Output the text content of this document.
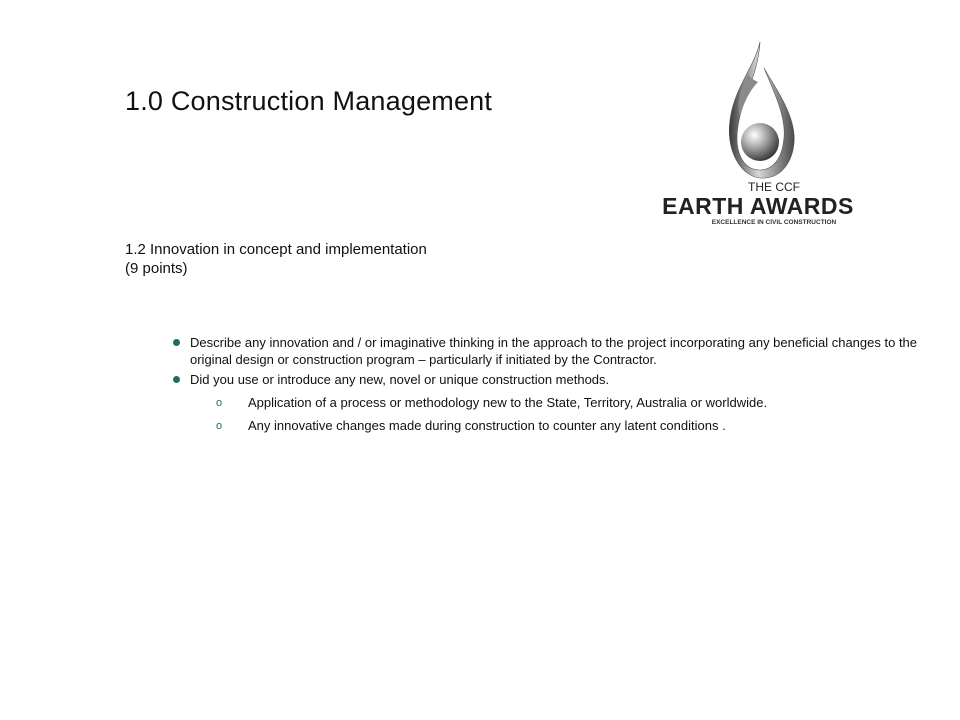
1.0 Construction Management
THE CCF
EARTH AWARDS
EXCELLENCE IN CIVIL CONSTRUCTION
1.2 Innovation in concept and implementation
(9 points)
Describe any innovation and / or imaginative thinking in the approach to the project incorporating any beneficial changes to the original design or construction program – particularly if initiated by the Contractor.
Did you use or introduce any new, novel or unique construction methods.
o Application of a process or methodology new to the State, Territory, Australia or worldwide.
o Any innovative changes made during construction to counter any latent conditions .
